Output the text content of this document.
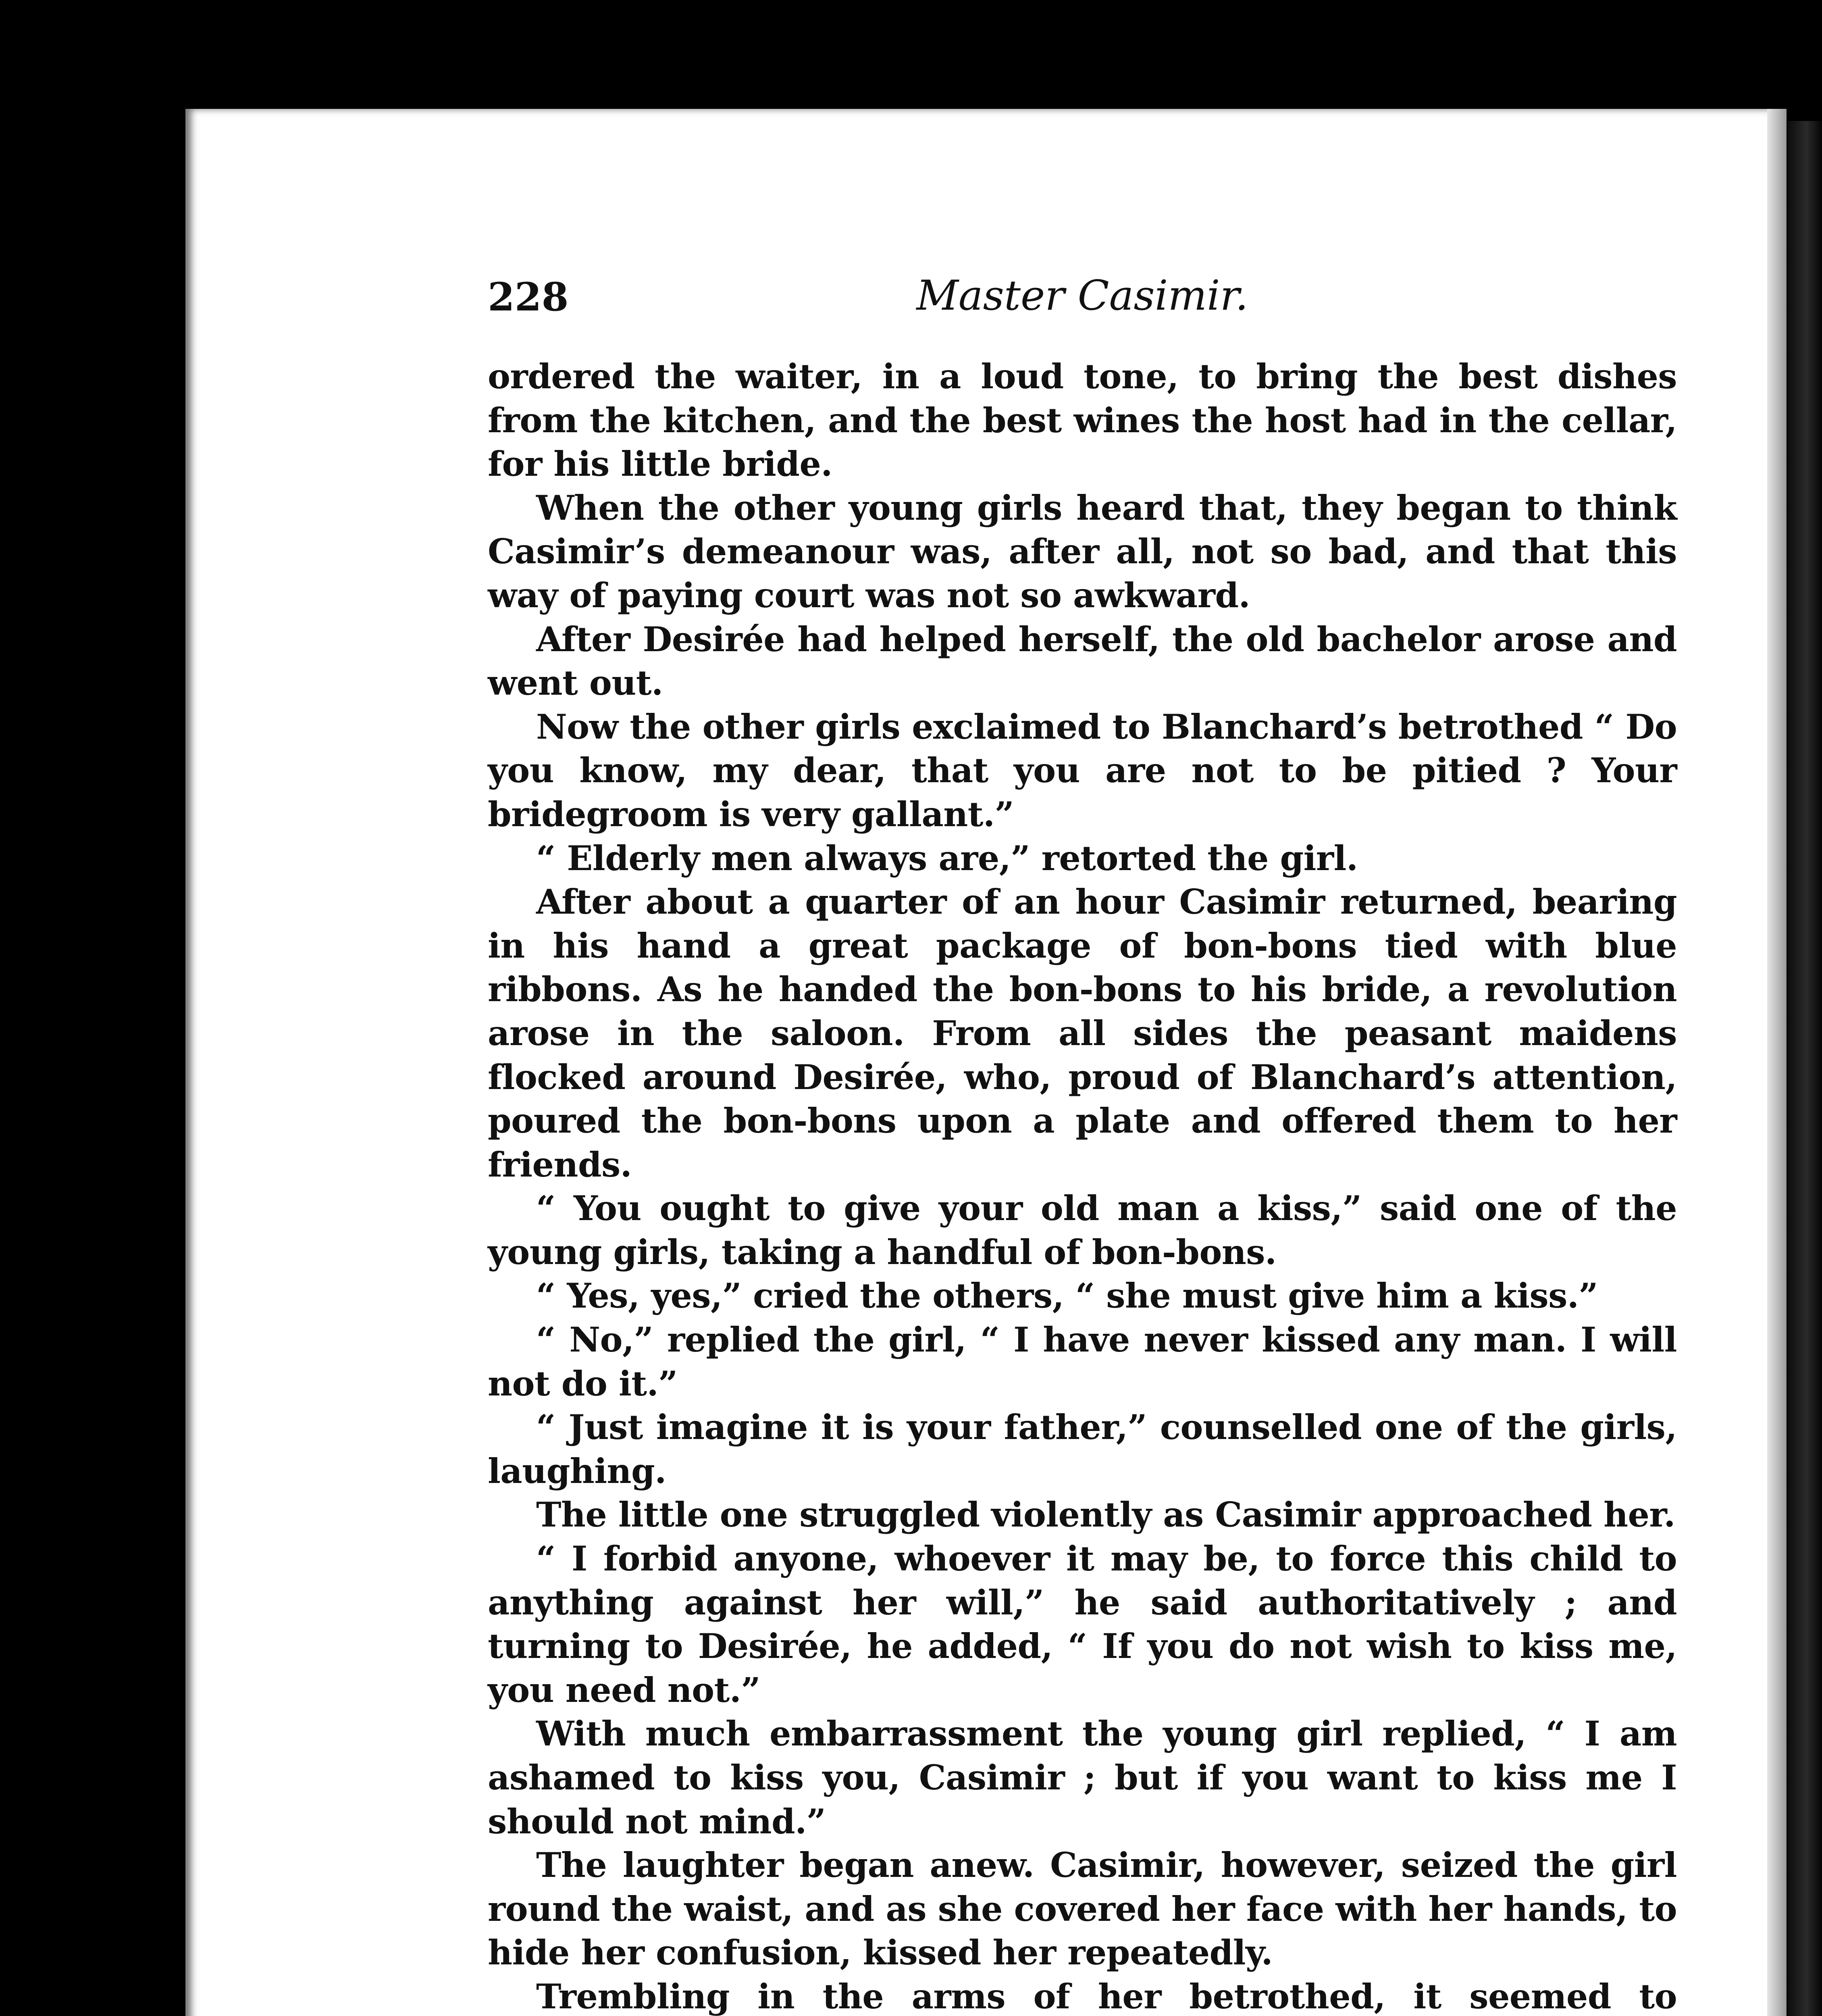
228	Master Casimir.

ordered the waiter, in a loud tone, to bring the best dishes from the kitchen, and the best wines the host had in the cellar, for his little bride.

When the other young girls heard that, they began to think Casimir’s demeanour was, after all, not so bad, and that this way of paying court was not so awkward.

After Desirée had helped herself, the old bachelor arose and went out.

Now the other girls exclaimed to Blanchard’s betrothed “ Do you know, my dear, that you are not to be pitied ? Your bridegroom is very gallant.”

“ Elderly men always are,” retorted the girl.

After about a quarter of an hour Casimir returned, bearing in his hand a great package of bon-bons tied with blue ribbons. As he handed the bon-bons to his bride, a revolution arose in the saloon. From all sides the peasant maidens flocked around Desirée, who, proud of Blanchard’s attention, poured the bon-bons upon a plate and offered them to her friends.

“ You ought to give your old man a kiss,” said one of the young girls, taking a handful of bon-bons.

“ Yes, yes,” cried the others, “ she must give him a kiss.”

“ No,” replied the girl, “ I have never kissed any man. I will not do it.”

“ Just imagine it is your father,” counselled one of the girls, laughing.

The little one struggled violently as Casimir approached her.

“ I forbid anyone, whoever it may be, to force this child to anything against her will,” he said authoritatively ; and turning to Desirée, he added, “ If you do not wish to kiss me, you need not.”

With much embarrassment the young girl replied, “ I am ashamed to kiss you, Casimir ; but if you want to kiss me I should not mind.”

The laughter began anew. Casimir, however, seized the girl round the waist, and as she covered her face with her hands, to hide her confusion, kissed her repeatedly.

Trembling in the arms of her betrothed, it seemed to
